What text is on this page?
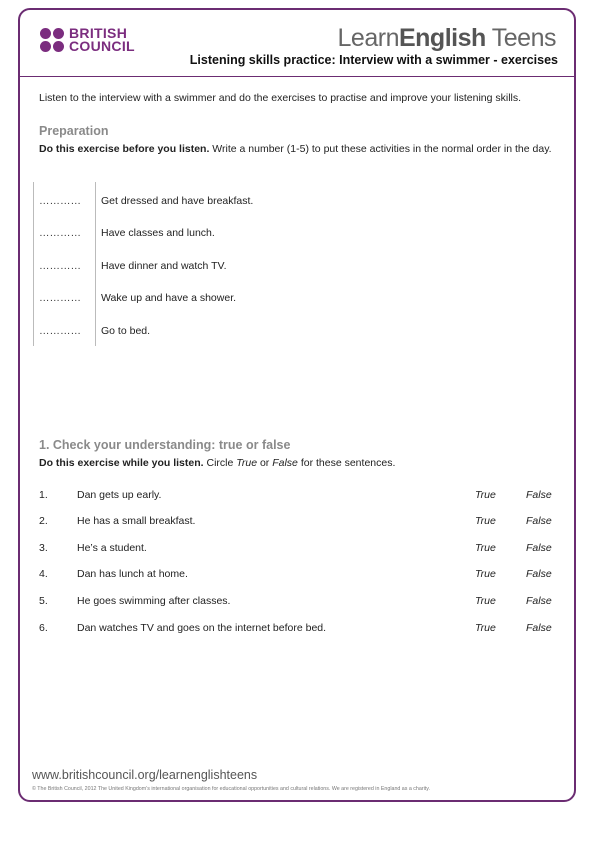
BRITISH
COUNCIL	LearnEnglish Teens
Listening skills practice: Interview with a swimmer - exercises
Listen to the interview with a swimmer and do the exercises to practise and improve your listening skills.
Preparation
Do this exercise before you listen. Write a number (1-5) to put these activities in the normal order in the day.
…………	Get dressed and have breakfast.
…………	Have classes and lunch.
…………	Have dinner and watch TV.
…………	Wake up and have a shower.
…………	Go to bed.
1. Check your understanding: true or false
Do this exercise while you listen. Circle True or False for these sentences.
1.	Dan gets up early.	True	False
2.	He has a small breakfast.	True	False
3.	He’s a student.	True	False
4.	Dan has lunch at home.	True	False
5.	He goes swimming after classes.	True	False
6.	Dan watches TV and goes on the internet before bed.	True	False
www.britishcouncil.org/learnenglishteens
© The British Council, 2012 The United Kingdom’s international organisation for educational opportunities and cultural relations. We are registered in England as a charity.
